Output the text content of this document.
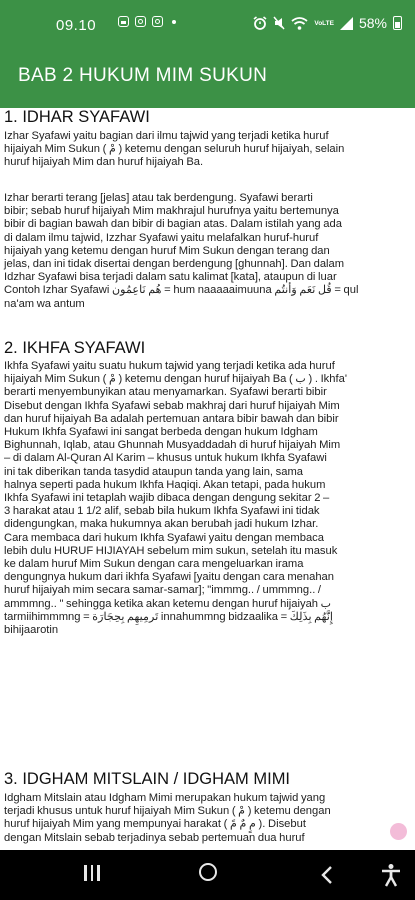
09.10	VoLTE 58%
BAB 2 HUKUM MIM SUKUN
1. IDHAR SYAFAWI

Izhar Syafawi yaitu bagian dari ilmu tajwid yang terjadi ketika huruf
hijaiyah Mim Sukun ( مْ ) ketemu dengan seluruh huruf hijaiyah, selain
huruf hijaiyah Mim dan huruf hijaiyah Ba.

Izhar berarti terang [jelas] atau tak berdengung. Syafawi berarti
bibir; sebab huruf hijaiyah Mim makhrajul hurufnya yaitu bertemunya
bibir di bagian bawah dan bibir di bagian atas. Dalam istilah yang ada
di dalam ilmu tajwid, Izzhar Syafawi yaitu melafalkan huruf-huruf
hijaiyah yang ketemu dengan huruf Mim Sukun dengan terang dan
jelas, dan ini tidak disertai dengan berdengung [ghunnah]. Dan dalam
Idzhar Syafawi bisa terjadi dalam satu kalimat [kata], ataupun di luar
Contoh Izhar Syafawi هُم نَاعِمُون = hum naaaaaimuuna قُل نَعَم وَأنتُم = qul
na'am wa antum

2. IKHFA SYAFAWI

Ikhfa Syafawi yaitu suatu hukum tajwid yang terjadi ketika ada huruf
hijaiyah Mim Sukun ( مْ ) ketemu dengan huruf hijaiyah Ba ( ب ) . Ikhfa'
berarti menyembunyikan atau menyamarkan. Syafawi berarti bibir
Disebut dengan Ikhfa Syafawi sebab makhraj dari huruf hijaiyah Mim
dan huruf hijaiyah Ba adalah pertemuan antara bibir bawah dan bibir
Hukum Ikhfa Syafawi ini sangat berbeda dengan hukum Idgham
Bighunnah, Iqlab, atau Ghunnah Musyaddadah di huruf hijaiyah Mim
– di dalam Al-Quran Al Karim – khusus untuk hukum Ikhfa Syafawi
ini tak diberikan tanda tasydid ataupun tanda yang lain, sama
halnya seperti pada hukum Ikhfa Haqiqi. Akan tetapi, pada hukum
Ikhfa Syafawi ini tetaplah wajib dibaca dengan dengung sekitar 2 –
3 harakat atau 1 1/2 alif, sebab bila hukum Ikhfa Syafawi ini tidak
didengungkan, maka hukumnya akan berubah jadi hukum Izhar.
Cara membaca dari hukum Ikhfa Syafawi yaitu dengan membaca
lebih dulu HURUF HIJIAYAH sebelum mim sukun, setelah itu masuk
ke dalam huruf Mim Sukun dengan cara mengeluarkan irama
dengungnya hukum dari ikhfa Syafawi [yaitu dengan cara menahan
huruf hijaiyah mim secara samar-samar]; "immmg.. / ummmng.. /
ammmng.. " sehingga ketika akan ketemu dengan huruf hijaiyah ب
tarmiihimmmng = تَرمِيهِم بِحِجَارَة innahummng bidzaalika = إِنَّهُم بِذَلِكَ
bihijaarotin

3. IDGHAM MITSLAIN / IDGHAM MIMI

Idgham Mitslain atau Idgham Mimi merupakan hukum tajwid yang
terjadi khusus untuk huruf hijaiyah Mim Sukun ( مْ ) ketemu dengan
huruf hijaiyah Mim yang mempunyai harakat ( مٍ مٌ مً ). Disebut
dengan Mitslain sebab terjadinya sebab pertemuan dua huruf
